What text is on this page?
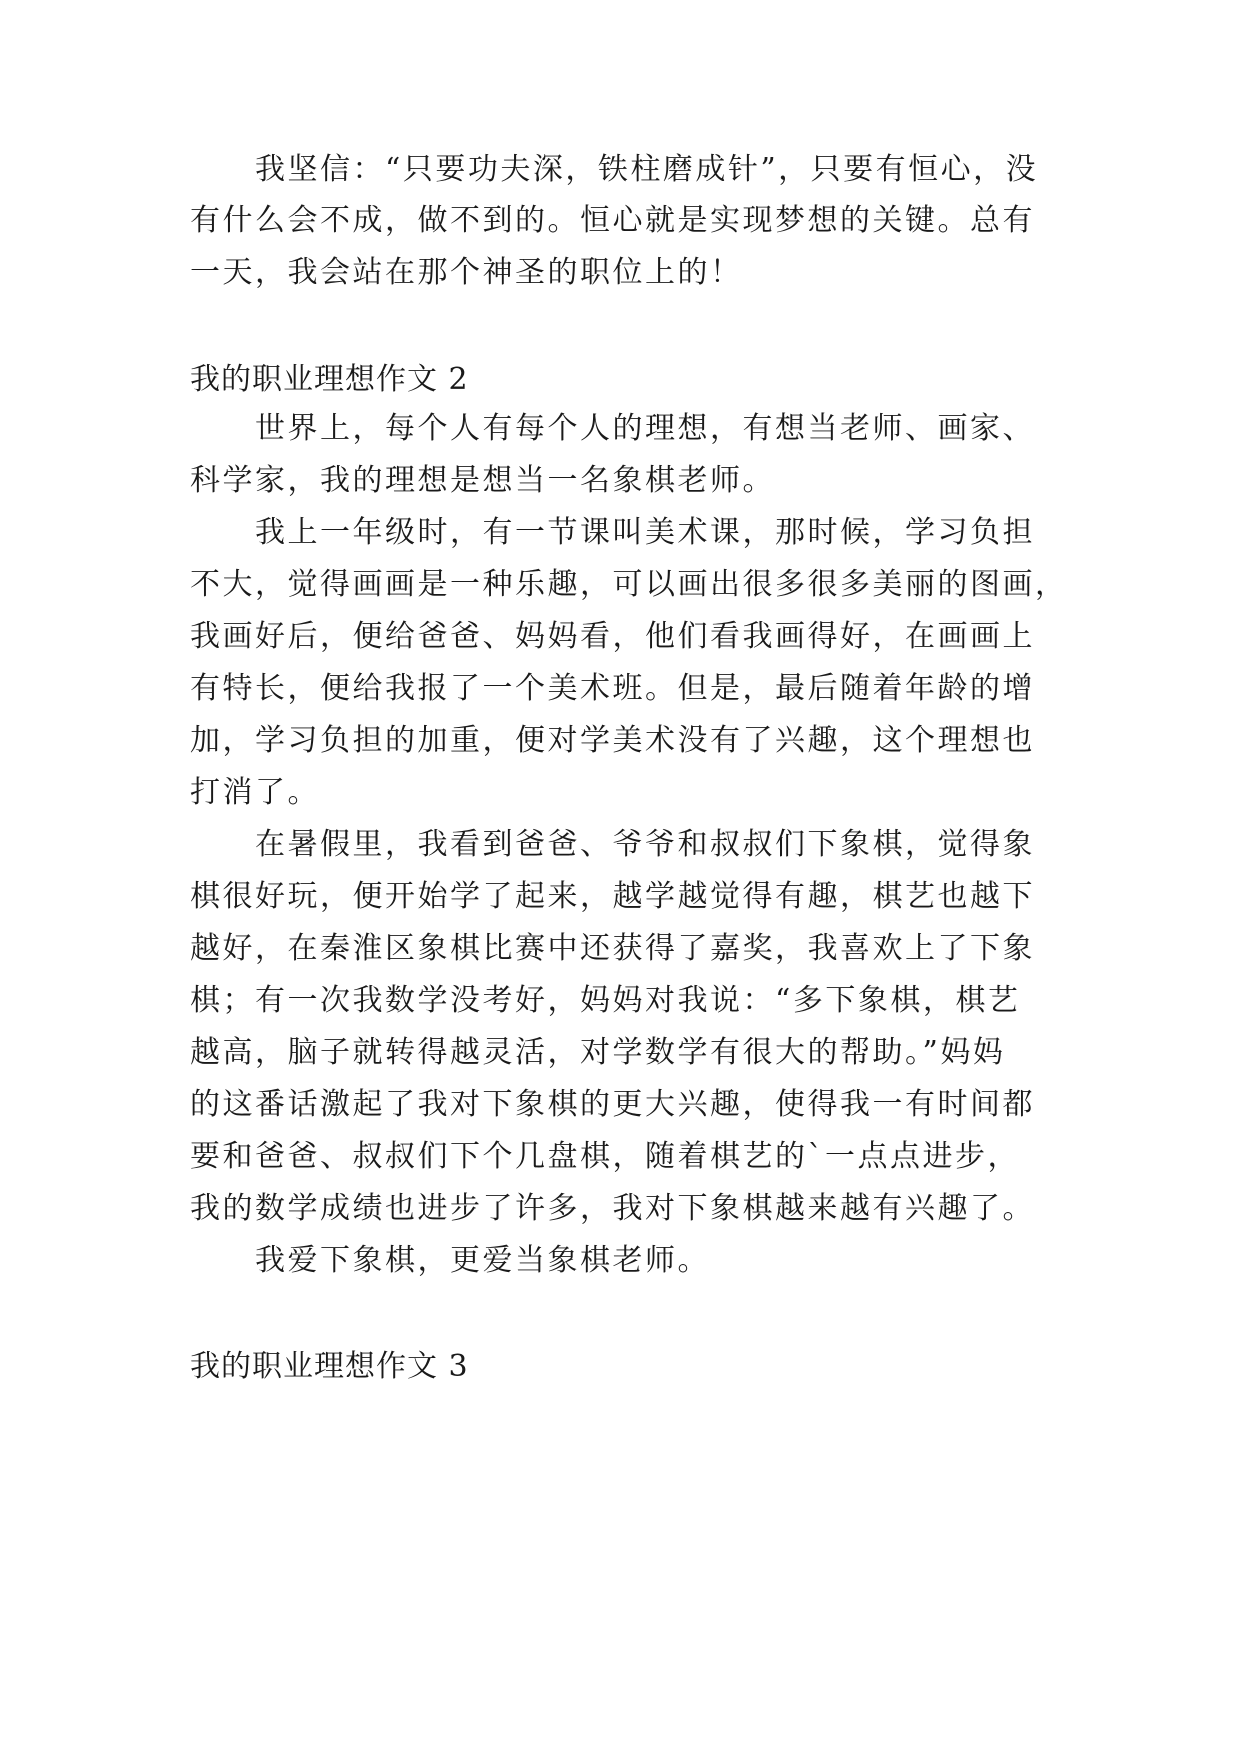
我坚信：“只要功夫深，铁柱磨成针”，只要有恒心，没
有什么会不成，做不到的。恒心就是实现梦想的关键。总有
一天，我会站在那个神圣的职位上的！
我的职业理想作文 2
世界上，每个人有每个人的理想，有想当老师、画家、
科学家，我的理想是想当一名象棋老师。
我上一年级时，有一节课叫美术课，那时候，学习负担
不大，觉得画画是一种乐趣，可以画出很多很多美丽的图画，
我画好后，便给爸爸、妈妈看，他们看我画得好，在画画上
有特长，便给我报了一个美术班。但是，最后随着年龄的增
加，学习负担的加重，便对学美术没有了兴趣，这个理想也
打消了。
在暑假里，我看到爸爸、爷爷和叔叔们下象棋，觉得象
棋很好玩，便开始学了起来，越学越觉得有趣，棋艺也越下
越好，在秦淮区象棋比赛中还获得了嘉奖，我喜欢上了下象
棋；有一次我数学没考好，妈妈对我说：“多下象棋，棋艺
越高，脑子就转得越灵活，对学数学有很大的帮助。”妈妈
的这番话激起了我对下象棋的更大兴趣，使得我一有时间都
要和爸爸、叔叔们下个几盘棋，随着棋艺的`一点点进步，
我的数学成绩也进步了许多，我对下象棋越来越有兴趣了。
我爱下象棋，更爱当象棋老师。
我的职业理想作文 3
